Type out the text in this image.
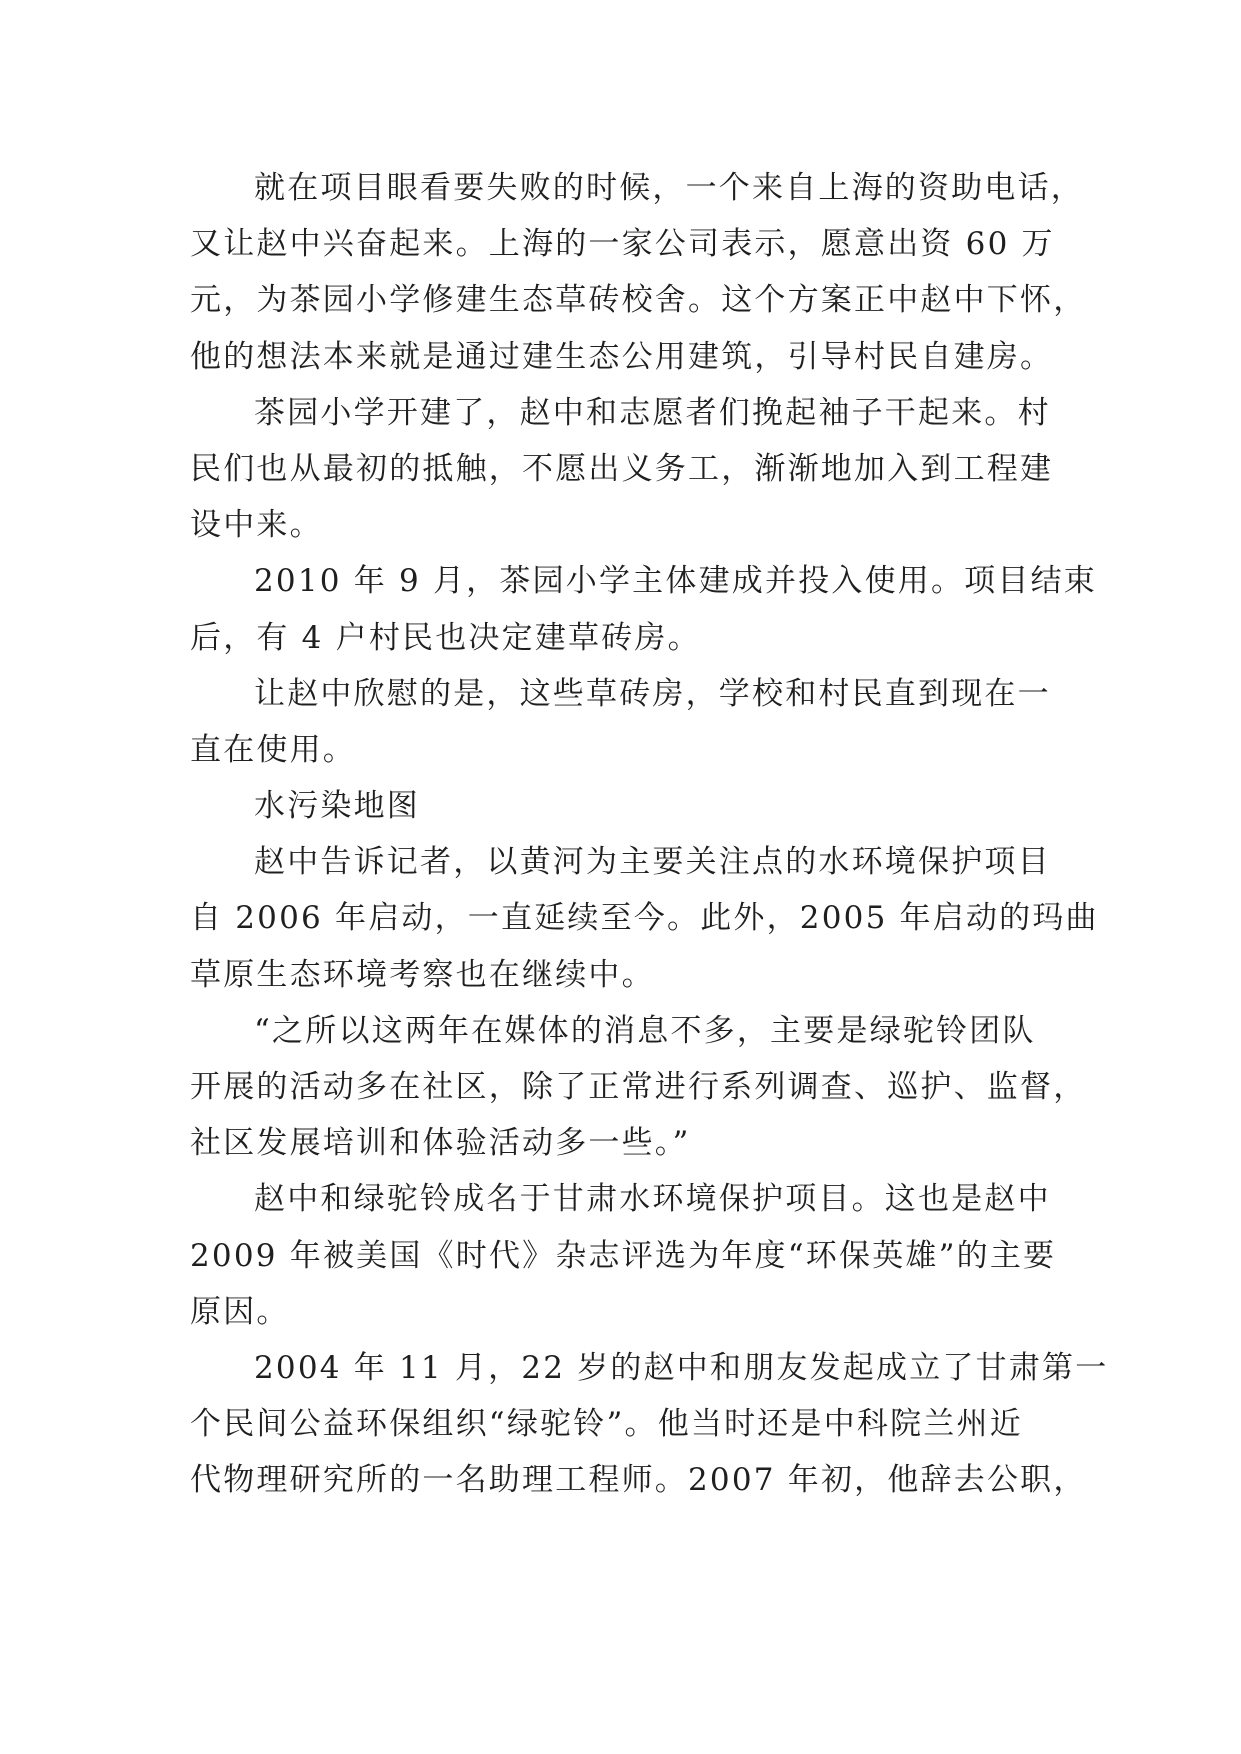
就在项目眼看要失败的时候，一个来自上海的资助电话，
又让赵中兴奋起来。上海的一家公司表示，愿意出资 60 万
元，为茶园小学修建生态草砖校舍。这个方案正中赵中下怀，
他的想法本来就是通过建生态公用建筑，引导村民自建房。
茶园小学开建了，赵中和志愿者们挽起袖子干起来。村
民们也从最初的抵触，不愿出义务工，渐渐地加入到工程建
设中来。
2010 年 9 月，茶园小学主体建成并投入使用。项目结束
后，有 4 户村民也决定建草砖房。
让赵中欣慰的是，这些草砖房，学校和村民直到现在一
直在使用。
水污染地图
赵中告诉记者，以黄河为主要关注点的水环境保护项目
自 2006 年启动，一直延续至今。此外，2005 年启动的玛曲
草原生态环境考察也在继续中。
“之所以这两年在媒体的消息不多，主要是绿驼铃团队
开展的活动多在社区，除了正常进行系列调查、巡护、监督，
社区发展培训和体验活动多一些。”
赵中和绿驼铃成名于甘肃水环境保护项目。这也是赵中
2009 年被美国《时代》杂志评选为年度“环保英雄”的主要
原因。
2004 年 11 月，22 岁的赵中和朋友发起成立了甘肃第一
个民间公益环保组织“绿驼铃”。他当时还是中科院兰州近
代物理研究所的一名助理工程师。2007 年初，他辞去公职，
